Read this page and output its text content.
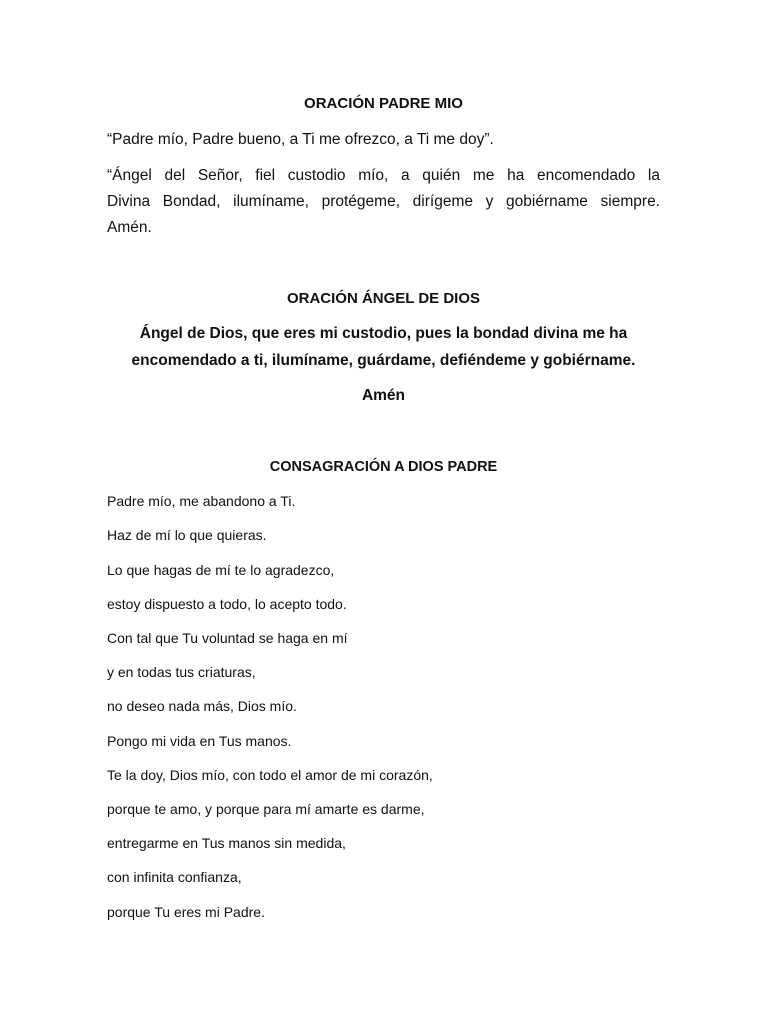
ORACIÓN PADRE MIO
“Padre mío, Padre bueno, a Ti me ofrezco, a Ti me doy”.
“Ángel del Señor, fiel custodio mío, a quién me ha encomendado la
Divina Bondad, ilumíname, protégeme, dirígeme y gobiérname siempre.
Amén.
ORACIÓN ÁNGEL DE DIOS
Ángel de Dios, que eres mi custodio, pues la bondad divina me ha
encomendado a ti, ilumíname, guárdame, defiéndeme y gobiérname.
Amén
CONSAGRACIÓN A DIOS PADRE
Padre mío, me abandono a Ti.
Haz de mí lo que quieras.
Lo que hagas de mí te lo agradezco,
estoy dispuesto a todo, lo acepto todo.
Con tal que Tu voluntad se haga en mí
y en todas tus criaturas,
no deseo nada más, Dios mío.
Pongo mi vida en Tus manos.
Te la doy, Dios mío, con todo el amor de mi corazón,
porque te amo, y porque para mí amarte es darme,
entregarme en Tus manos sin medida,
con infinita confianza,
porque Tu eres mi Padre.
